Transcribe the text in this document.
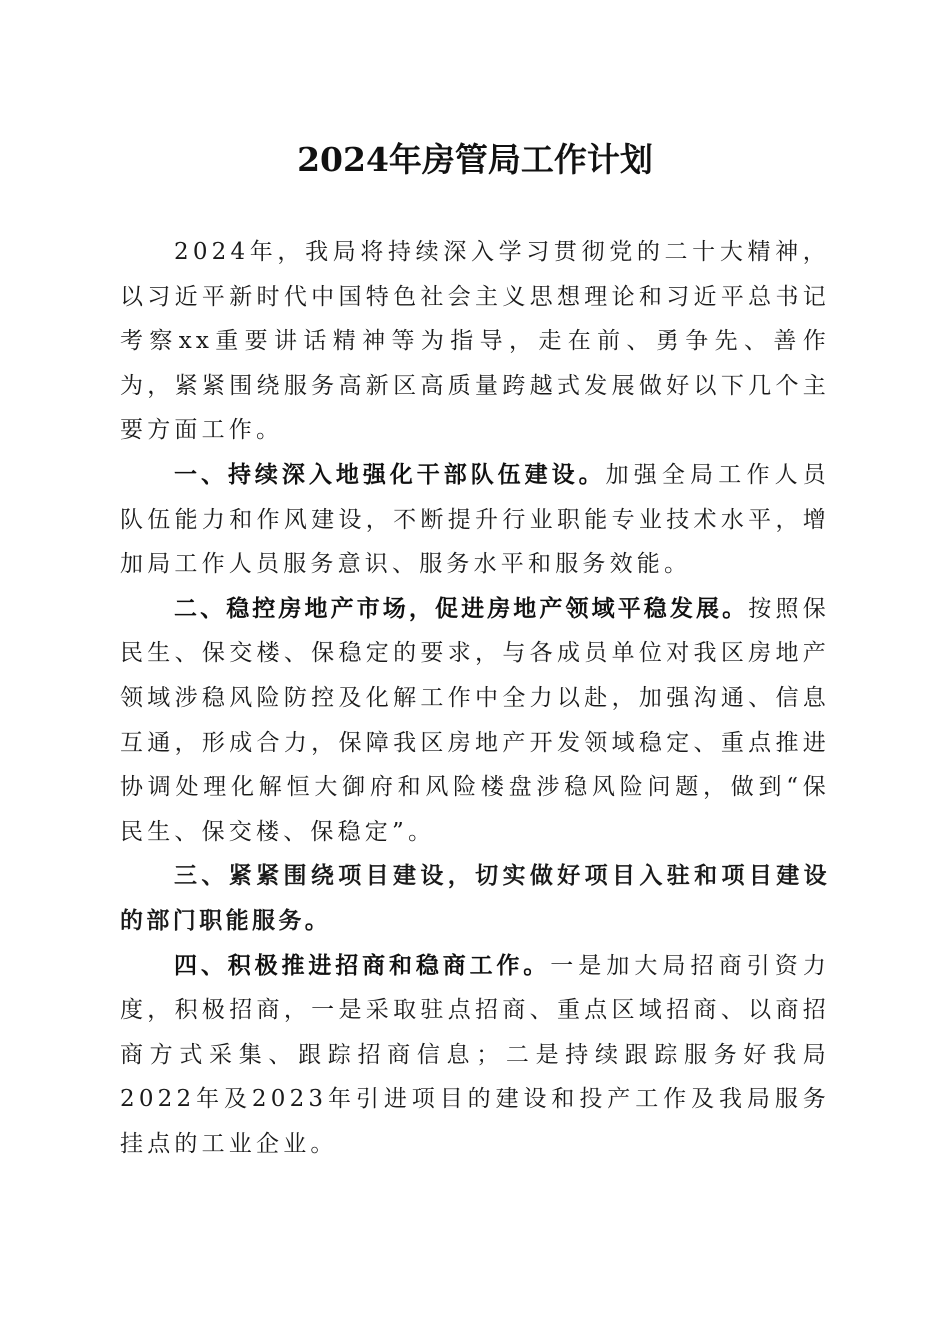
2024年房管局工作计划

2024年，我局将持续深入学习贯彻党的二十大精神，以习近平新时代中国特色社会主义思想理论和习近平总书记考察xx重要讲话精神等为指导，走在前、勇争先、善作为，紧紧围绕服务高新区高质量跨越式发展做好以下几个主要方面工作。

一、持续深入地强化干部队伍建设。加强全局工作人员队伍能力和作风建设，不断提升行业职能专业技术水平，增加局工作人员服务意识、服务水平和服务效能。

二、稳控房地产市场，促进房地产领域平稳发展。按照保民生、保交楼、保稳定的要求，与各成员单位对我区房地产领域涉稳风险防控及化解工作中全力以赴，加强沟通、信息互通，形成合力，保障我区房地产开发领域稳定、重点推进协调处理化解恒大御府和风险楼盘涉稳风险问题，做到“保民生、保交楼、保稳定”。

三、紧紧围绕项目建设，切实做好项目入驻和项目建设的部门职能服务。

四、积极推进招商和稳商工作。一是加大局招商引资力度，积极招商，一是采取驻点招商、重点区域招商、以商招商方式采集、跟踪招商信息；二是持续跟踪服务好我局2022年及2023年引进项目的建设和投产工作及我局服务挂点的工业企业。
